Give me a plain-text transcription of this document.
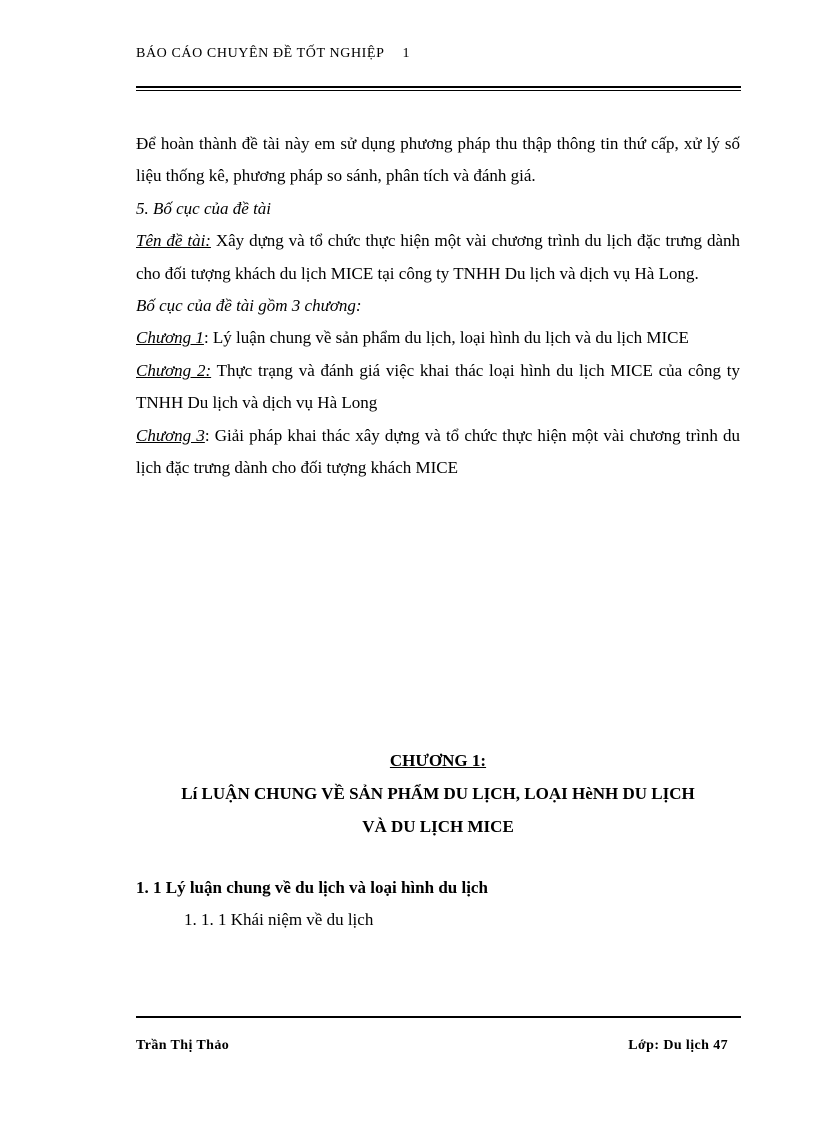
BÁO CÁO CHUYÊN ĐỀ TỐT NGHIỆP 1

Để hoàn thành đề tài này em sử dụng phương pháp thu thập thông tin thứ cấp, xử lý số liệu thống kê, phương pháp so sánh, phân tích và đánh giá.

5. Bố cục của đề tài

Tên đề tài: Xây dựng và tổ chức thực hiện một vài chương trình du lịch đặc trưng dành cho đối tượng khách du lịch MICE tại công ty TNHH Du lịch và dịch vụ Hà Long.

Bố cục của đề tài gồm 3 chương:

Chương 1: Lý luận chung về sản phẩm du lịch, loại hình du lịch và du lịch MICE

Chương 2: Thực trạng và đánh giá việc khai thác loại hình du lịch MICE của công ty TNHH Du lịch và dịch vụ Hà Long

Chương 3: Giải pháp khai thác xây dựng và tổ chức thực hiện một vài chương trình du lịch đặc trưng dành cho đối tượng khách MICE

CHƯƠNG 1:
Lí LUẬN CHUNG VỀ SẢN PHẨM DU LỊCH, LOẠI HèNH DU LỊCH
VÀ DU LỊCH MICE
1. 1 Lý luận chung về du lịch và loại hình du lịch
1. 1. 1 Khái niệm về du lịch
Trần Thị Thảo	Lớp: Du lịch 47
